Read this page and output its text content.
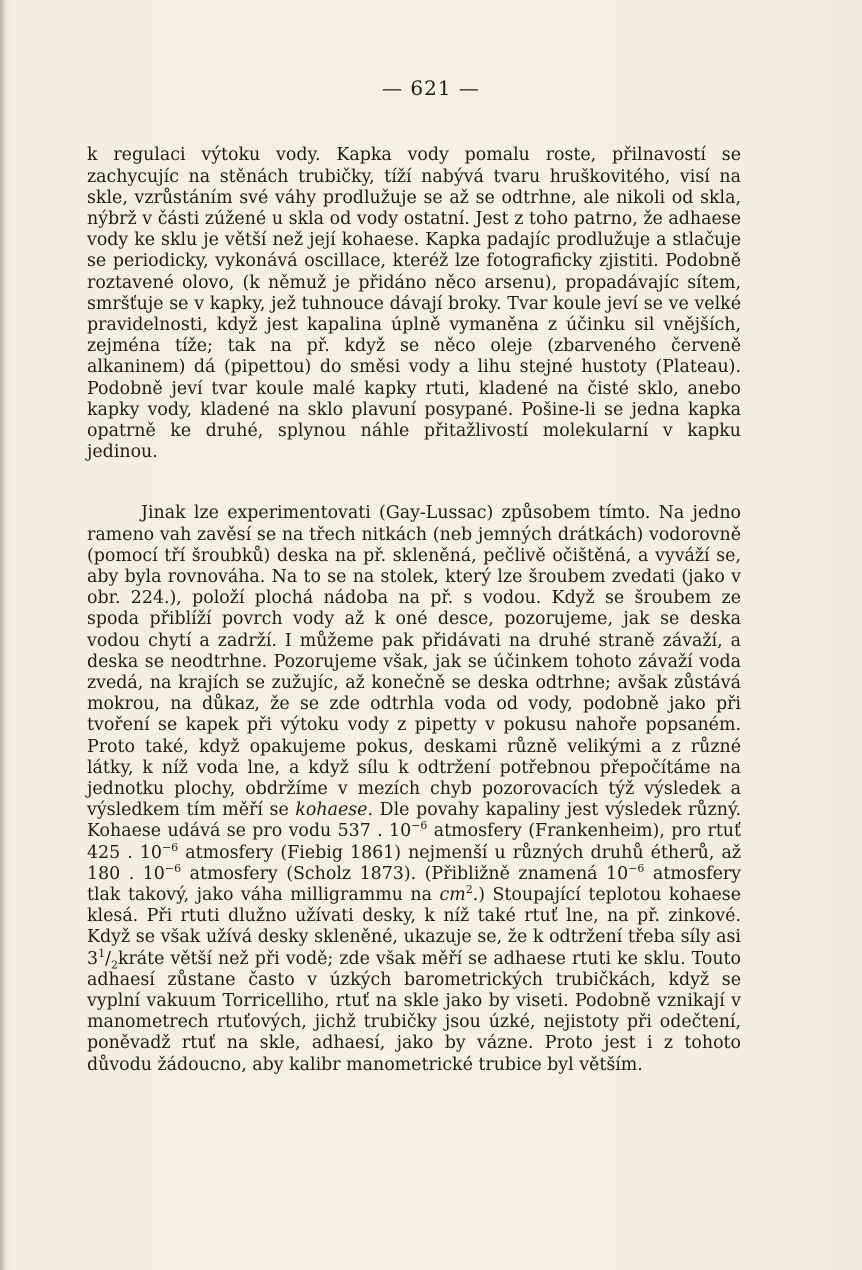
— 621 —

k regulaci výtoku vody. Kapka vody pomalu roste, přilnavostí se zachycujíc na stěnách trubičky, tíží nabývá tvaru hruškovitého, visí na skle, vzrůstáním své váhy prodlužuje se až se odtrhne, ale nikoli od skla, nýbrž v části zúžené u skla od vody ostatní. Jest z toho patrno, že adhaese vody ke sklu je větší než její kohaese. Kapka padajíc prodlužuje a stlačuje se periodicky, vykonává oscillace, kteréž lze fotograficky zjistiti. Podobně roztavené olovo, (k němuž je přidáno něco arsenu), propadávajíc sítem, smršťuje se v kapky, jež tuhnouce dávají broky. Tvar koule jeví se ve velké pravidelnosti, když jest kapalina úplně vymaněna z účinku sil vnějších, zejména tíže; tak na př. když se něco oleje (zbarveného červeně alkaninem) dá (pipettou) do směsi vody a lihu stejné hustoty (Plateau). Podobně jeví tvar koule malé kapky rtuti, kladené na čisté sklo, anebo kapky vody, kladené na sklo plavuní posypané. Pošine-li se jedna kapka opatrně ke druhé, splynou náhle přitažlivostí molekularní v kapku jedinou.

Jinak lze experimentovati (Gay-Lussac) způsobem tímto. Na jedno rameno vah zavěsí se na třech nitkách (neb jemných drátkách) vodorovně (pomocí tří šroubků) deska na př. skleněná, pečlivě očištěná, a vyváží se, aby byla rovnováha. Na to se na stolek, který lze šroubem zvedati (jako v obr. 224.), položí plochá nádoba na př. s vodou. Když se šroubem ze spoda přiblíží povrch vody až k oné desce, pozorujeme, jak se deska vodou chytí a zadrží. I můžeme pak přidávati na druhé straně závaží, a deska se neodtrhne. Pozorujeme však, jak se účinkem tohoto závaží voda zvedá, na krajích se zužujíc, až konečně se deska odtrhne; avšak zůstává mokrou, na důkaz, že se zde odtrhla voda od vody, podobně jako při tvoření se kapek při výtoku vody z pipetty v pokusu nahoře popsaném. Proto také, když opakujeme pokus, deskami různě velikými a z různé látky, k níž voda lne, a když sílu k odtržení potřebnou přepočítáme na jednotku plochy, obdržíme v mezích chyb pozorovacích týž výsledek a výsledkem tím měří se kohaese. Dle povahy kapaliny jest výsledek různý. Kohaese udává se pro vodu 537 . $10^{-6}$ atmosfery (Frankenheim), pro rtuť 425 . $10^{-6}$ atmosfery (Fiebig 1861) nejmenší u různých druhů étherů, až 180 . $10^{-6}$ atmosfery (Scholz 1873). (Přibližně znamená $10^{-6}$ atmosfery tlak takový, jako váha milligrammu na $cm^2$.) Stoupající teplotou kohaese klesá. Při rtuti dlužno užívati desky, k níž také rtuť lne, na př. zinkové. Když se však užívá desky skleněné, ukazuje se, že k odtržení třeba síly asi $3^1/_2kráte$ větší než při vodě; zde však měří se adhaese rtuti ke sklu. Touto adhaesí zůstane často v úzkých barometrických trubičkách, když se vyplní vakuum Torricelliho, rtuť na skle jako by viseti. Podobně vznikají v manometrech rtuťových, jichž trubičky jsou úzké, nejistoty při odečtení, poněvadž rtuť na skle, adhaesí, jako by vázne. Proto jest i z tohoto důvodu žádoucno, aby kalibr manometrické trubice byl větším.
